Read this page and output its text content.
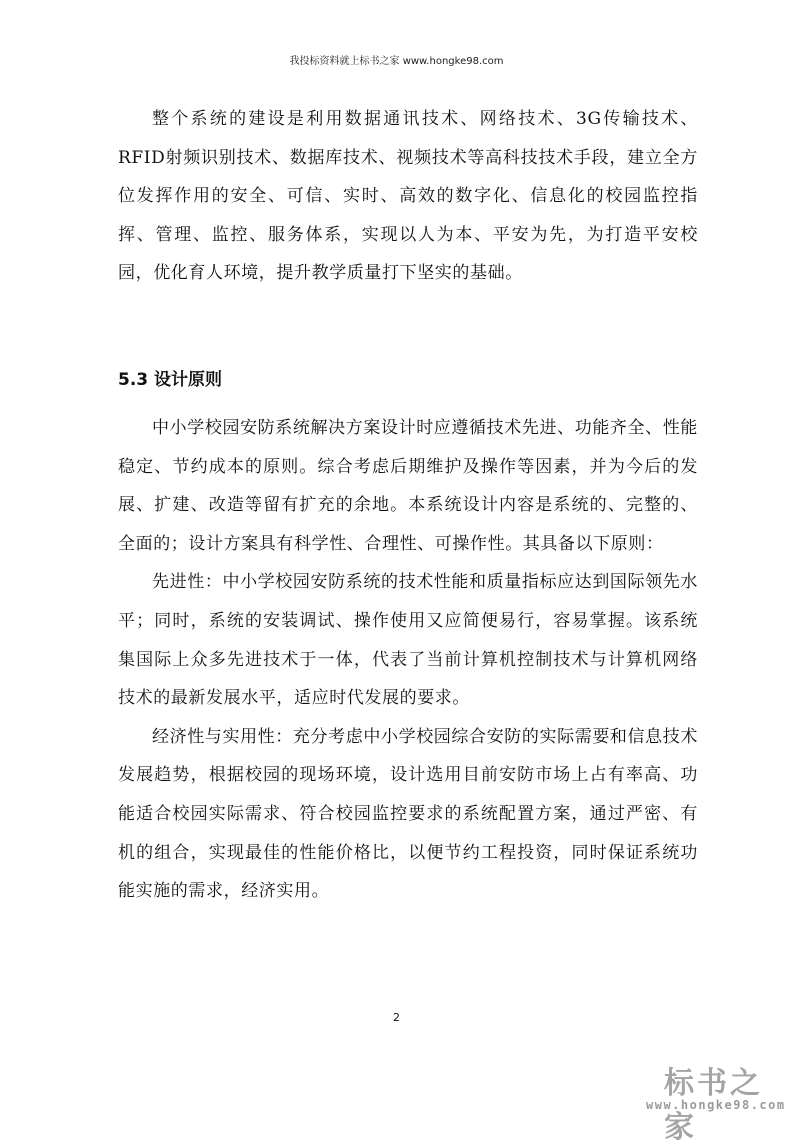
我投标资料就上标书之家 www.hongke98.com

整个系统的建设是利用数据通讯技术、网络技术、3G传输技术、RFID射频识别技术、数据库技术、视频技术等高科技技术手段，建立全方位发挥作用的安全、可信、实时、高效的数字化、信息化的校园监控指挥、管理、监控、服务体系，实现以人为本、平安为先，为打造平安校园，优化育人环境，提升教学质量打下坚实的基础。

5.3 设计原则

中小学校园安防系统解决方案设计时应遵循技术先进、功能齐全、性能稳定、节约成本的原则。综合考虑后期维护及操作等因素，并为今后的发展、扩建、改造等留有扩充的余地。本系统设计内容是系统的、完整的、全面的；设计方案具有科学性、合理性、可操作性。其具备以下原则：

先进性：中小学校园安防系统的技术性能和质量指标应达到国际领先水平；同时，系统的安装调试、操作使用又应简便易行，容易掌握。该系统集国际上众多先进技术于一体，代表了当前计算机控制技术与计算机网络技术的最新发展水平，适应时代发展的要求。

经济性与实用性：充分考虑中小学校园综合安防的实际需要和信息技术发展趋势，根据校园的现场环境，设计选用目前安防市场上占有率高、功能适合校园实际需求、符合校园监控要求的系统配置方案，通过严密、有机的组合，实现最佳的性能价格比，以便节约工程投资，同时保证系统功能实施的需求，经济实用。

2
标书之家
www.hongke98.com
